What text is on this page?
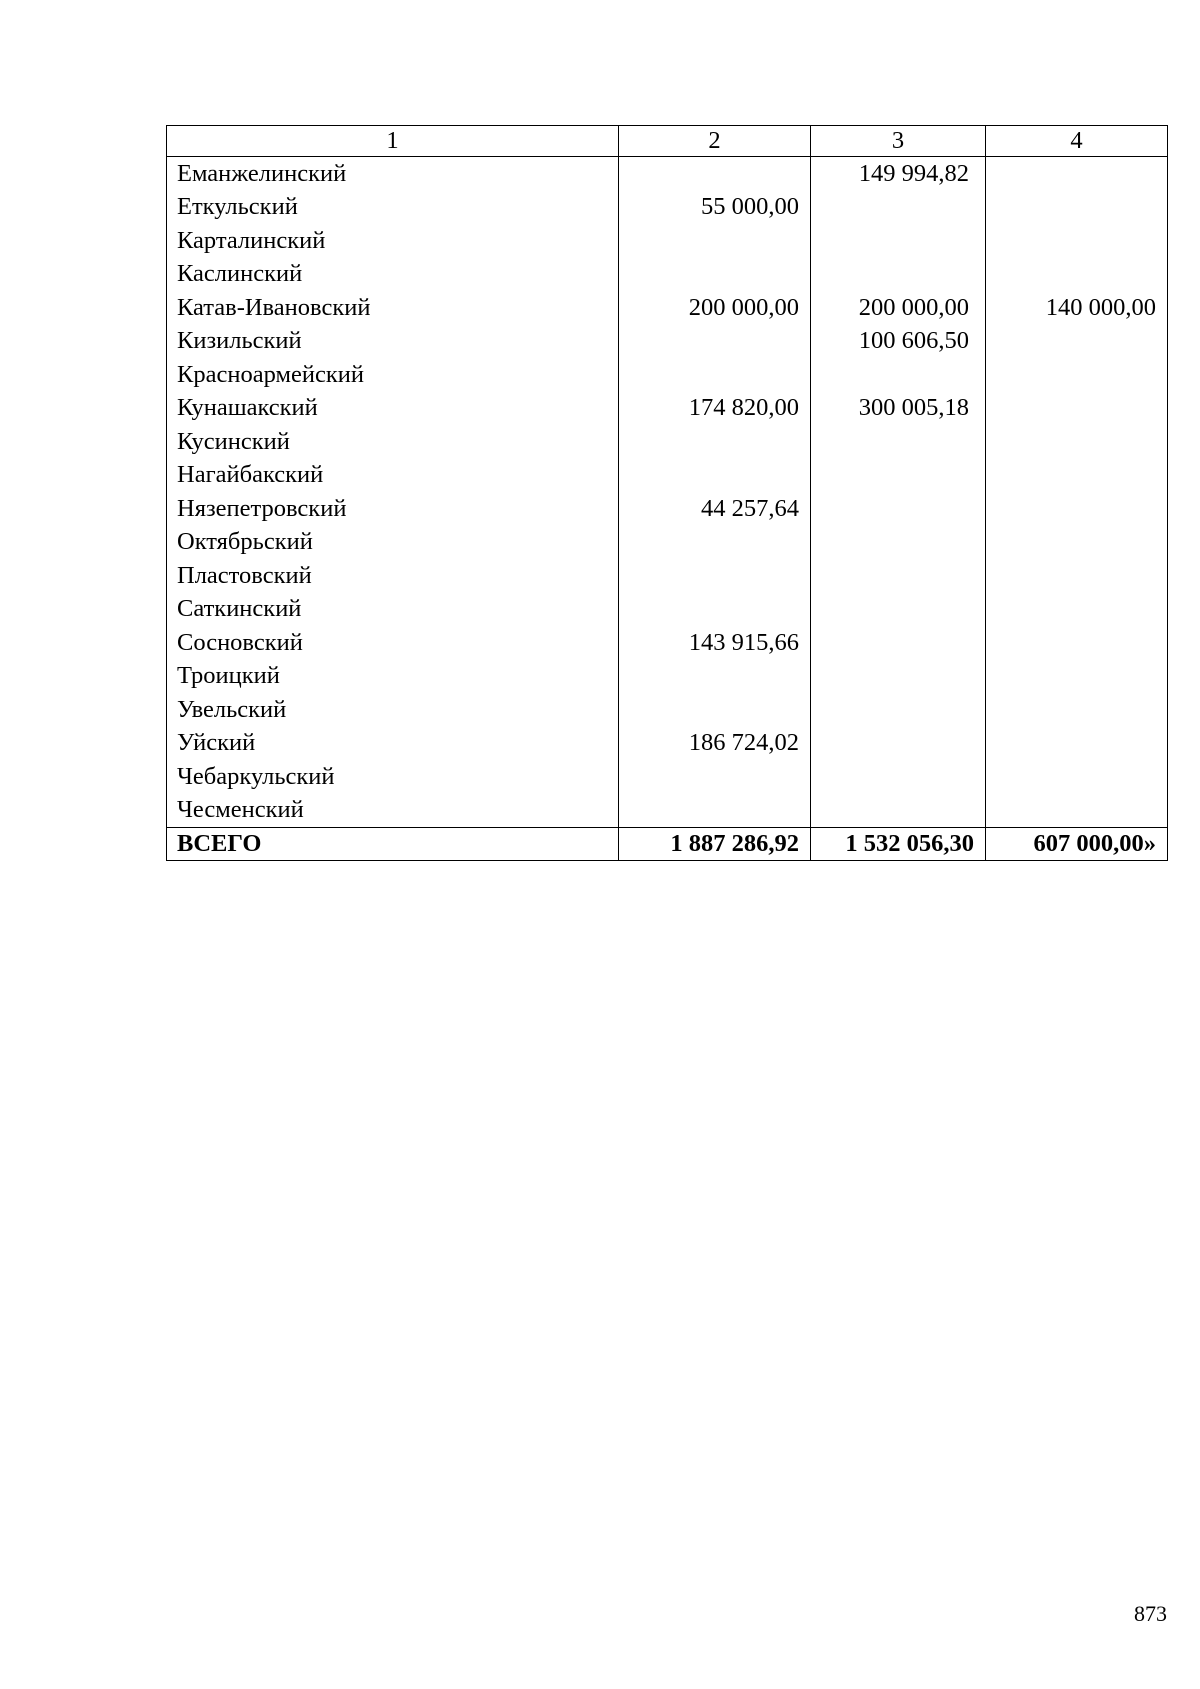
1	2	3	4
Еманжелинский		149 994,82	
Еткульский	55 000,00		
Карталинский			
Каслинский			
Катав-Ивановский	200 000,00	200 000,00	140 000,00
Кизильский		100 606,50	
Красноармейский			
Кунашакский	174 820,00	300 005,18	
Кусинский			
Нагайбакский			
Нязепетровский	44 257,64		
Октябрьский			
Пластовский			
Саткинский			
Сосновский	143 915,66		
Троицкий			
Увельский			
Уйский	186 724,02		
Чебаркульский			
Чесменский			
ВСЕГО	1 887 286,92	1 532 056,30	607 000,00»
873
